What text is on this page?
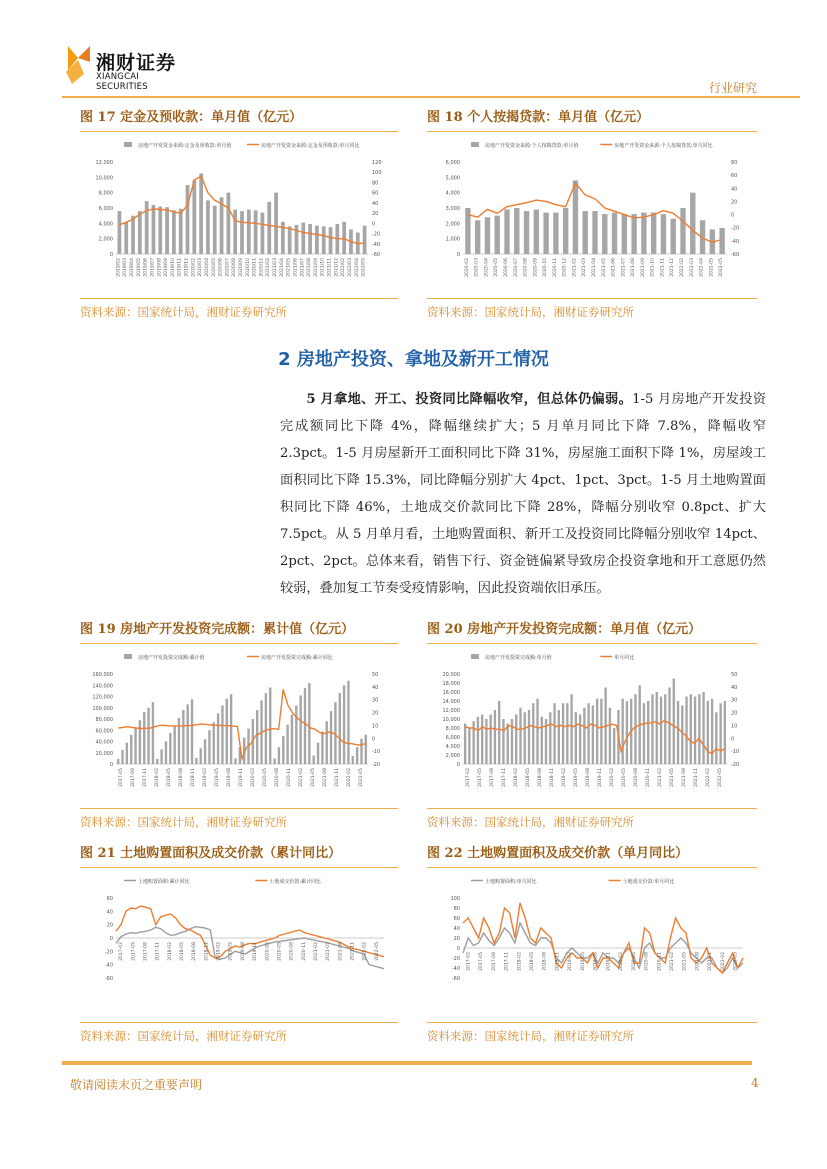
湘财证券
XIANGCAI SECURITIES	行业研究
图 17 定金及预收款：单月值（亿元）
房地产开发资金来源:定金及预收款:单月值	房地产开发资金来源:定金及预收款:单月同比
0
2,000
4,000
6,000
8,000
10,000
12,000
-60
-40
-20
0
20
40
60
80
100
120
2019/02 2019/03 2019/04 2019/05 2019/06 2019/07 2019/08 2019/09 2019/10 2019/11 2019/12 2020/02 2020/03 2020/04 2020/05 2020/06 2020/07 2020/08 2020/09 2020/10 2020/11 2020/12 2021/02 2021/03 2021/04 2021/05 2021/06 2021/07 2021/08 2021/09 2021/10 2021/11 2021/12 2022/02 2022/03 2022/04 2022/05
资料来源：国家统计局，湘财证券研究所
图 18 个人按揭贷款：单月值（亿元）
房地产开发资金来源:个人按揭贷款:单月值	房地产开发资金来源:个人按揭贷款:单月同比
0
1,000
2,000
3,000
4,000
5,000
6,000
-60
-40
-20
0
20
40
60
80
2020-02 2020-03 2020-04 2020-05 2020-06 2020-07 2020-08 2020-09 2020-10 2020-11 2020-12 2021-02 2021-03 2021-04 2021-05 2021-06 2021-07 2021-08 2021-09 2021-10 2021-11 2021-12 2022-02 2022-03 2022-04 2022-05 2022-05
资料来源：国家统计局，湘财证券研究所
2 房地产投资、拿地及新开工情况
  5 月拿地、开工、投资同比降幅收窄，但总体仍偏弱。1-5 月房地产开发投资完成额同比下降 4%，降幅继续扩大；5 月单月同比下降 7.8%，降幅收窄 2.3pct。1-5 月房屋新开工面积同比下降 31%，房屋施工面积下降 1%，房屋竣工面积同比下降 15.3%，同比降幅分别扩大 4pct、1pct、3pct。1-5 月土地购置面积同比下降 46%，土地成交价款同比下降 28%，降幅分别收窄 0.8pct、扩大 7.5pct。从 5 月单月看，土地购置面积、新开工及投资同比降幅分别收窄 14pct、2pct、2pct。总体来看，销售下行、资金链偏紧导致房企投资拿地和开工意愿仍然较弱，叠加复工节奏受疫情影响，因此投资端依旧承压。
图 19 房地产开发投资完成额：累计值（亿元）
房地产开发投资完成额:累计值	房地产开发投资完成额:累计同比
0
20,000
40,000
60,000
80,000
100,000
120,000
140,000
160,000
-20
-10
0
10
20
30
40
50
2017-05 2017-08 2017-11 2018-02 2018-05 2018-08 2018-11 2019-02 2019-05 2019-08 2019-11 2020-02 2020-05 2020-08 2020-11 2021-02 2021-05 2021-08 2021-11 2022-02 2022-05
资料来源：国家统计局，湘财证券研究所
图 20 房地产开发投资完成额：单月值（亿元）
房地产开发投资完成额:单月值	单月同比
0
2,000
4,000
6,000
8,000
10,000
12,000
14,000
16,000
18,000
20,000
-20
-10
0
10
20
30
40
50
2017-02 2017-05 2017-08 2017-11 2018-02 2018-05 2018-08 2018-11 2019-02 2019-05 2019-08 2019-11 2020-02 2020-05 2020-08 2020-11 2021-02 2021-05 2021-08 2021-11 2022-02 2022-05
资料来源：国家统计局，湘财证券研究所
图 21 土地购置面积及成交价款（累计同比）
土地购置面积:累计同比	土地成交价款:累计同比
-60
-40
-20
0
20
40
60
2017-02 2017-05 2017-08 2017-11 2018-02 2018-05 2018-08 2018-11 2019-02 2019-05 2019-08 2019-11 2020-02 2020-05 2020-08 2020-11 2021-02 2021-05 2021-08 2021-11 2022-02 2022-05
资料来源：国家统计局，湘财证券研究所
图 22 土地购置面积及成交价款（单月同比）
土地购置面积:单月同比	土地成交价款:单月同比
-60
-40
-20
0
20
40
60
80
100
2017-02 2017-05 2017-08 2017-11 2018-02 2018-05 2018-08 2018-11 2019-02 2019-05 2019-08 2019-11 2020-02 2020-05 2020-08 2020-11 2021-02 2021-05 2021-08 2021-11 2022-02 2022-05
资料来源：国家统计局，湘财证券研究所
敬请阅读末页之重要声明	4
